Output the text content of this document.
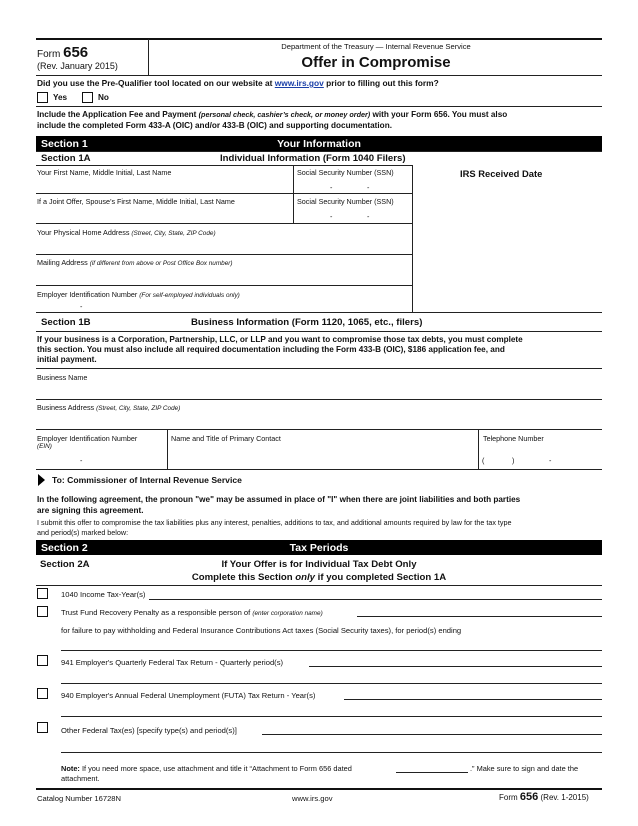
Form 656
(Rev. January 2015)
Department of the Treasury — Internal Revenue Service
Offer in Compromise
Did you use the Pre-Qualifier tool located on our website at www.irs.gov prior to filling out this form?
Yes	No
Include the Application Fee and Payment (personal check, cashier’s check, or money order) with your Form 656. You must also
include the completed Form 433-A (OIC) and/or 433-B (OIC) and supporting documentation.
Section 1	Your Information
Section 1A	Individual Information (Form 1040 Filers)
Your First Name, Middle Initial, Last Name	Social Security Number (SSN)
-	-
IRS Received Date
If a Joint Offer, Spouse’s First Name, Middle Initial, Last Name	Social Security Number (SSN)
-	-
Your Physical Home Address (Street, City, State, ZIP Code)
Mailing Address (if different from above or Post Office Box number)
Employer Identification Number (For self-employed individuals only)
-
Section 1B	Business Information (Form 1120, 1065, etc., filers)
If your business is a Corporation, Partnership, LLC, or LLP and you want to compromise those tax debts, you must complete
this section. You must also include all required documentation including the Form 433-B (OIC), $186 application fee, and
initial payment.
Business Name
Business Address (Street, City, State, ZIP Code)
Employer Identification Number
(EIN)
-
Name and Title of Primary Contact	Telephone Number
(	)	-
To: Commissioner of Internal Revenue Service
In the following agreement, the pronoun "we" may be assumed in place of "I" when there are joint liabilities and both parties
are signing this agreement.
I submit this offer to compromise the tax liabilities plus any interest, penalties, additions to tax, and additional amounts required by law for the tax type
and period(s) marked below:
Section 2	Tax Periods
Section 2A	If Your Offer is for Individual Tax Debt Only
Complete this Section only if you completed Section 1A
1040 Income Tax-Year(s)
Trust Fund Recovery Penalty as a responsible person of (enter corporation name)
for failure to pay withholding and Federal Insurance Contributions Act taxes (Social Security taxes), for period(s) ending
941 Employer's Quarterly Federal Tax Return - Quarterly period(s)
940 Employer's Annual Federal Unemployment (FUTA) Tax Return - Year(s)
Other Federal Tax(es) [specify type(s) and period(s)]
Note: If you need more space, use attachment and title it “Attachment to Form 656 dated	.” Make sure to sign and date the
attachment.
Catalog Number 16728N	www.irs.gov	Form 656 (Rev. 1-2015)
